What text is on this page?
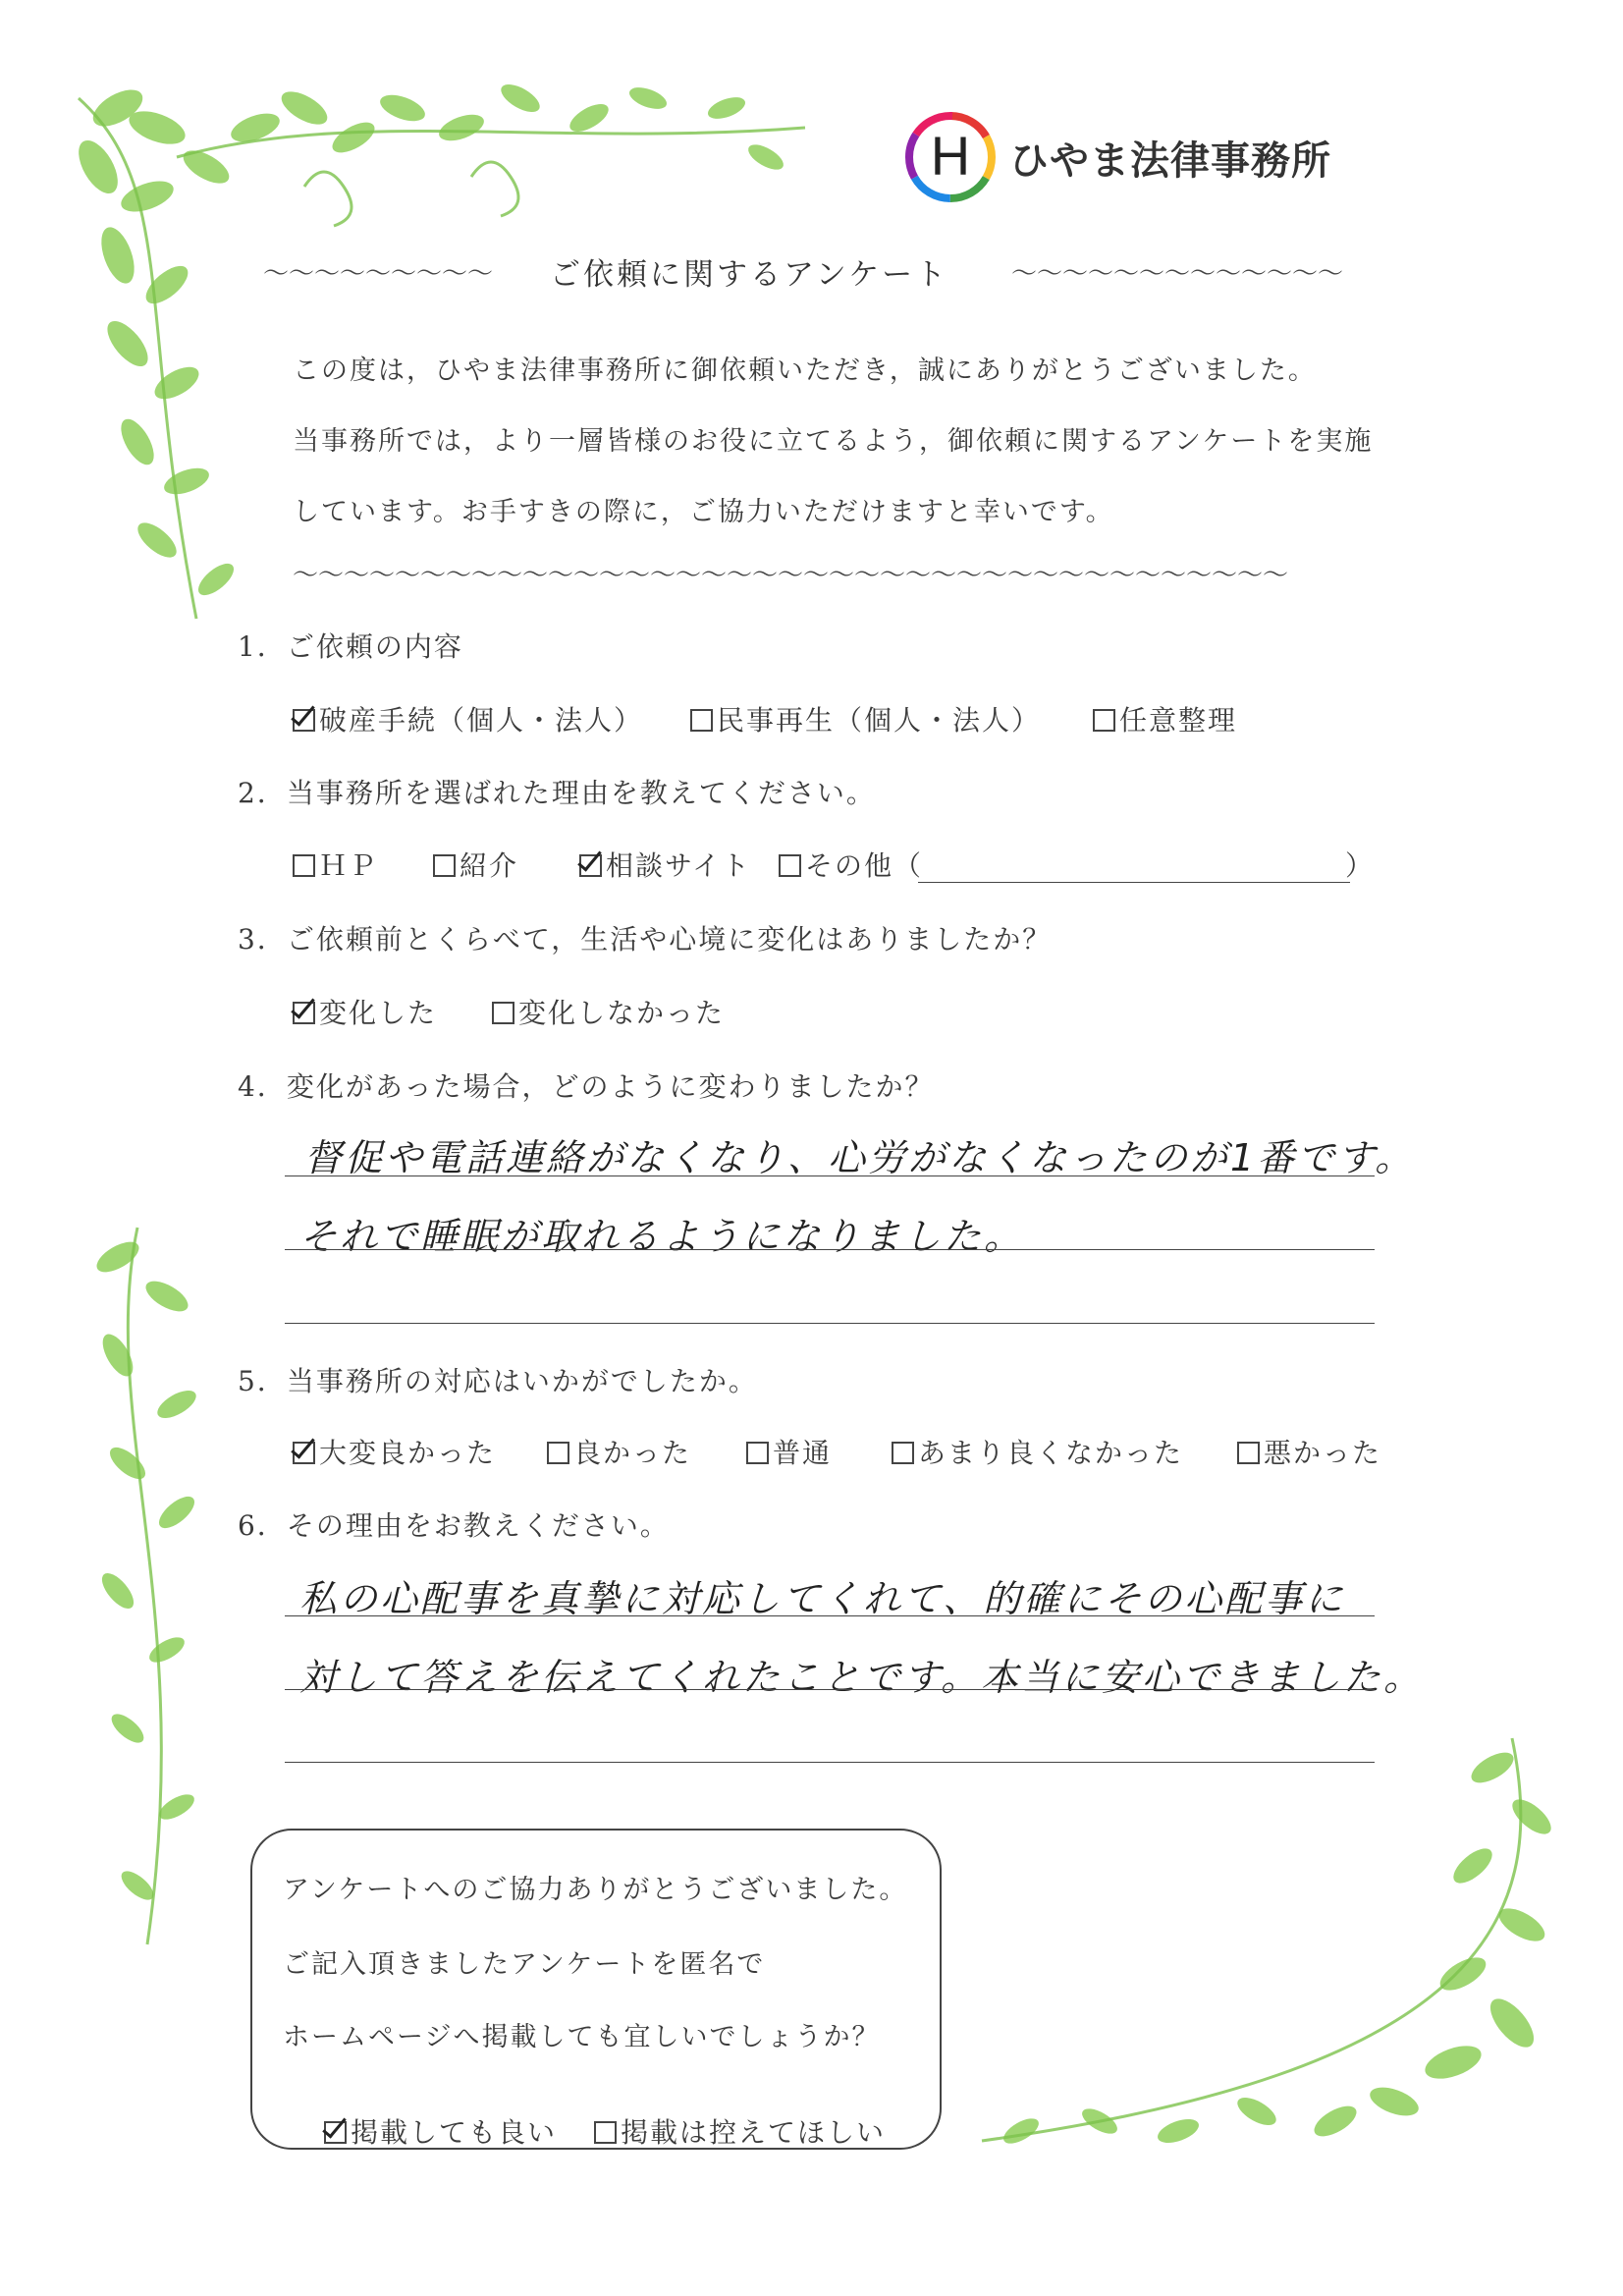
H ひやま法律事務所
〜〜〜〜〜〜〜〜〜 ご依頼に関するアンケート 〜〜〜〜〜〜〜〜〜〜〜〜〜
この度は，ひやま法律事務所に御依頼いただき，誠にありがとうございました。
当事務所では，より一層皆様のお役に立てるよう，御依頼に関するアンケートを実施
しています。お手すきの際に，ご協力いただけますと幸いです。
〜〜〜〜〜〜〜〜〜〜〜〜〜〜〜〜〜〜〜〜〜〜〜〜〜〜〜〜〜〜〜〜〜〜〜〜〜〜〜
1．ご依頼の内容
破産手続（個人・法人）	民事再生（個人・法人）	任意整理
2．当事務所を選ばれた理由を教えてください。
ＨＰ	紹介	相談サイト その他（	）
3．ご依頼前とくらべて，生活や心境に変化はありましたか？
変化した	変化しなかった
4．変化があった場合，どのように変わりましたか？
督促や電話連絡がなくなり、心労がなくなったのが1番です。
それで睡眠が取れるようになりました。
5．当事務所の対応はいかがでしたか。
大変良かった	良かった	普通	あまり良くなかった	悪かった
6．その理由をお教えください。
私の心配事を真摯に対応してくれて、的確にその心配事に
対して答えを伝えてくれたことです。本当に安心できました。
アンケートへのご協力ありがとうございました。
ご記入頂きましたアンケートを匿名で
ホームページへ掲載しても宜しいでしょうか？
掲載しても良い 掲載は控えてほしい
